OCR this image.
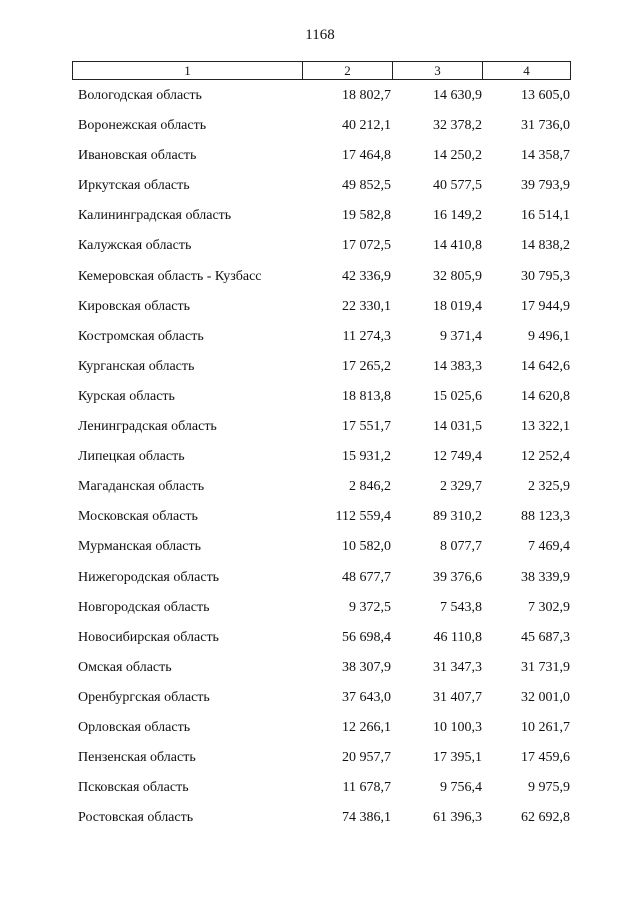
1168
1	2	3	4
Вологодская область	18 802,7	14 630,9	13 605,0
Воронежская область	40 212,1	32 378,2	31 736,0
Ивановская область	17 464,8	14 250,2	14 358,7
Иркутская область	49 852,5	40 577,5	39 793,9
Калининградская область	19 582,8	16 149,2	16 514,1
Калужская область	17 072,5	14 410,8	14 838,2
Кемеровская область - Кузбасс	42 336,9	32 805,9	30 795,3
Кировская область	22 330,1	18 019,4	17 944,9
Костромская область	11 274,3	9 371,4	9 496,1
Курганская область	17 265,2	14 383,3	14 642,6
Курская область	18 813,8	15 025,6	14 620,8
Ленинградская область	17 551,7	14 031,5	13 322,1
Липецкая область	15 931,2	12 749,4	12 252,4
Магаданская область	2 846,2	2 329,7	2 325,9
Московская область	112 559,4	89 310,2	88 123,3
Мурманская область	10 582,0	8 077,7	7 469,4
Нижегородская область	48 677,7	39 376,6	38 339,9
Новгородская область	9 372,5	7 543,8	7 302,9
Новосибирская область	56 698,4	46 110,8	45 687,3
Омская область	38 307,9	31 347,3	31 731,9
Оренбургская область	37 643,0	31 407,7	32 001,0
Орловская область	12 266,1	10 100,3	10 261,7
Пензенская область	20 957,7	17 395,1	17 459,6
Псковская область	11 678,7	9 756,4	9 975,9
Ростовская область	74 386,1	61 396,3	62 692,8
